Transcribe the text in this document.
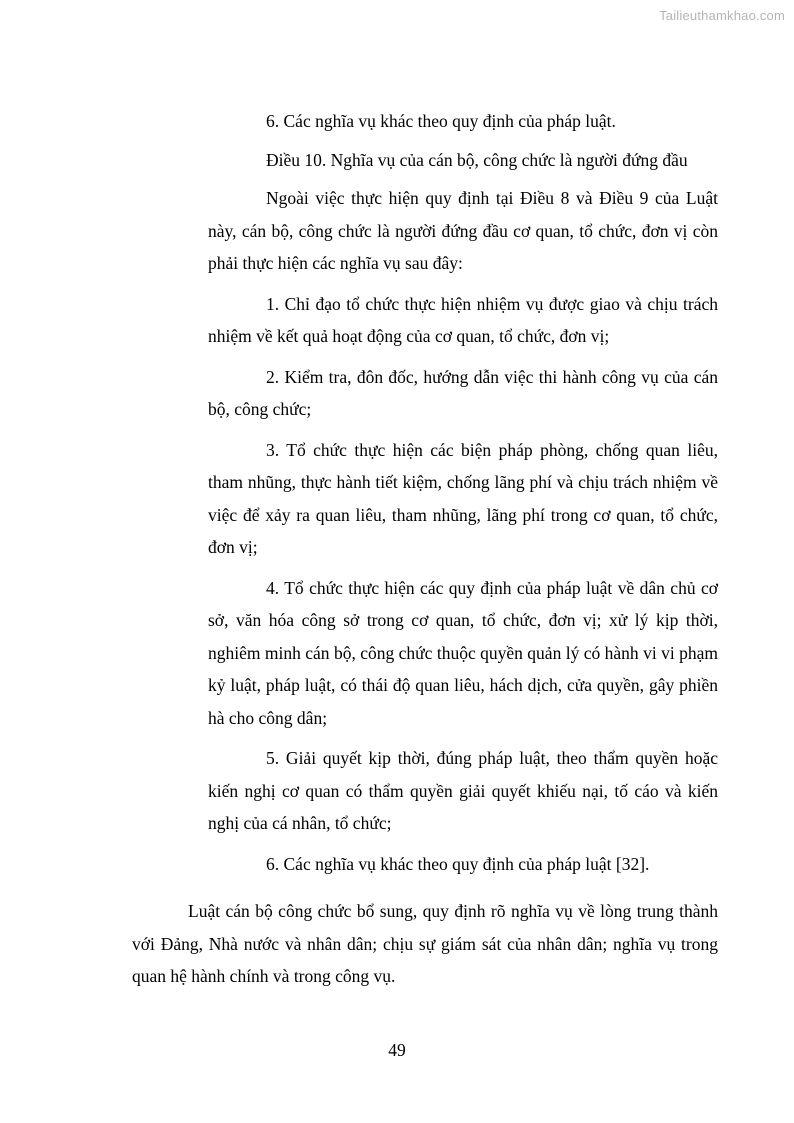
Tailieuthamkhao.com

6. Các nghĩa vụ khác theo quy định của pháp luật.

Điều 10. Nghĩa vụ của cán bộ, công chức là người đứng đầu

Ngoài việc thực hiện quy định tại Điều 8 và Điều 9 của Luật này, cán bộ, công chức là người đứng đầu cơ quan, tổ chức, đơn vị còn phải thực hiện các nghĩa vụ sau đây:

1. Chỉ đạo tổ chức thực hiện nhiệm vụ được giao và chịu trách nhiệm về kết quả hoạt động của cơ quan, tổ chức, đơn vị;

2. Kiểm tra, đôn đốc, hướng dẫn việc thi hành công vụ của cán bộ, công chức;

3. Tổ chức thực hiện các biện pháp phòng, chống quan liêu, tham nhũng, thực hành tiết kiệm, chống lãng phí và chịu trách nhiệm về việc để xảy ra quan liêu, tham nhũng, lãng phí trong cơ quan, tổ chức, đơn vị;

4. Tổ chức thực hiện các quy định của pháp luật về dân chủ cơ sở, văn hóa công sở trong cơ quan, tổ chức, đơn vị; xử lý kịp thời, nghiêm minh cán bộ, công chức thuộc quyền quản lý có hành vi vi phạm kỷ luật, pháp luật, có thái độ quan liêu, hách dịch, cửa quyền, gây phiền hà cho công dân;

5. Giải quyết kịp thời, đúng pháp luật, theo thẩm quyền hoặc kiến nghị cơ quan có thẩm quyền giải quyết khiếu nại, tố cáo và kiến nghị của cá nhân, tổ chức;

6. Các nghĩa vụ khác theo quy định của pháp luật [32].

Luật cán bộ công chức bổ sung, quy định rõ nghĩa vụ về lòng trung thành với Đảng, Nhà nước và nhân dân; chịu sự giám sát của nhân dân; nghĩa vụ trong quan hệ hành chính và trong công vụ.

49
